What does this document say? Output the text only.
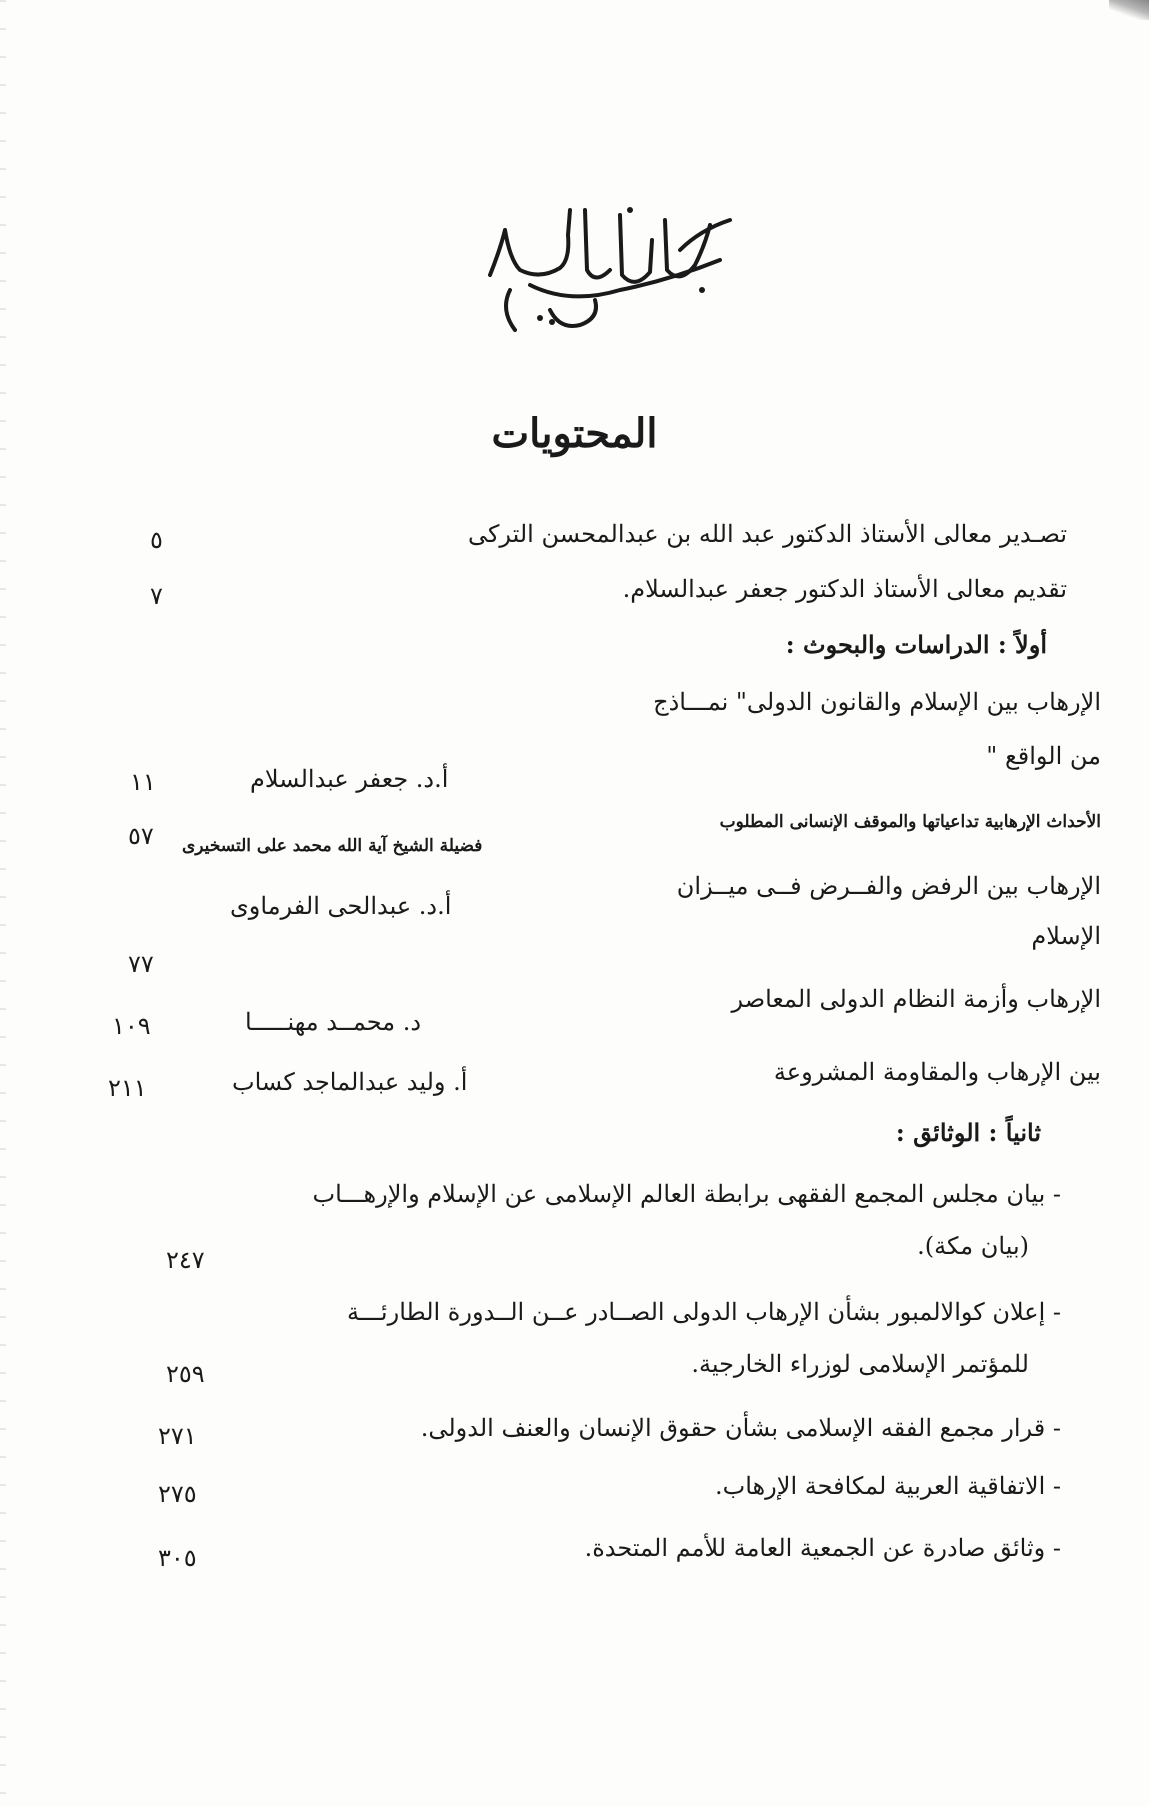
المحتويات
تصـدير معالى الأستاذ الدكتور عبد الله بن عبدالمحسن التركى
٥
تقديم معالى الأستاذ الدكتور جعفر عبدالسلام.
٧
أولاً : الدراسات والبحوث :
الإرهاب بين الإسلام والقانون الدولى" نمـــاذج
من الواقع "
أ.د. جعفر عبدالسلام
١١
الأحداث الإرهابية تداعياتها والموقف الإنسانى المطلوب
فضيلة الشيخ آية الله محمد على التسخيرى
٥٧
الإرهاب بين الرفض والفــرض فــى ميــزان
أ.د. عبدالحى الفرماوى
الإسلام
٧٧
الإرهاب وأزمة النظام الدولى المعاصر
د. محمــد مهنـــــا
١٠٩
بين الإرهاب والمقاومة المشروعة
أ. وليد عبدالماجد كساب
٢١١
ثانياً : الوثائق :
- بيان مجلس المجمع الفقهى برابطة العالم الإسلامى عن الإسلام والإرهـــاب
(بيان مكة).
٢٤٧
- إعلان كوالالمبور بشأن الإرهاب الدولى الصــادر عــن الــدورة الطارئـــة
للمؤتمر الإسلامى لوزراء الخارجية.
٢٥٩
- قرار مجمع الفقه الإسلامى بشأن حقوق الإنسان والعنف الدولى.
٢٧١
- الاتفاقية العربية لمكافحة الإرهاب.
٢٧٥
- وثائق صادرة عن الجمعية العامة للأمم المتحدة.
٣٠٥
